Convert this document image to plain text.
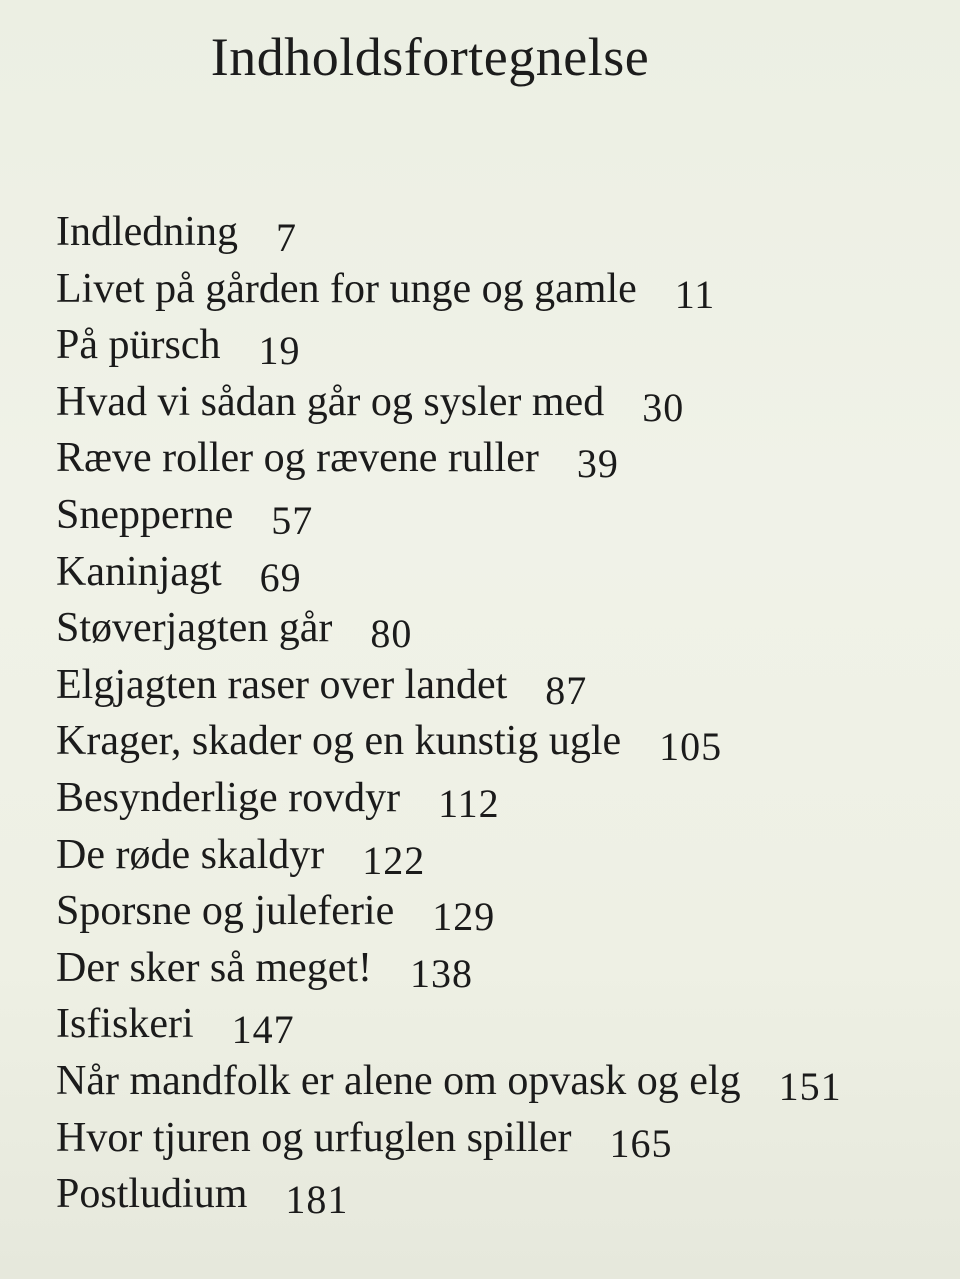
Indholdsfortegnelse
Indledning 7
Livet på gården for unge og gamle 11
På pürsch 19
Hvad vi sådan går og sysler med 30
Ræve roller og rævene ruller 39
Snepperne 57
Kaninjagt 69
Støverjagten går 80
Elgjagten raser over landet 87
Krager, skader og en kunstig ugle 105
Besynderlige rovdyr 112
De røde skaldyr 122
Sporsne og juleferie 129
Der sker så meget! 138
Isfiskeri 147
Når mandfolk er alene om opvask og elg 151
Hvor tjuren og urfuglen spiller 165
Postludium 181
